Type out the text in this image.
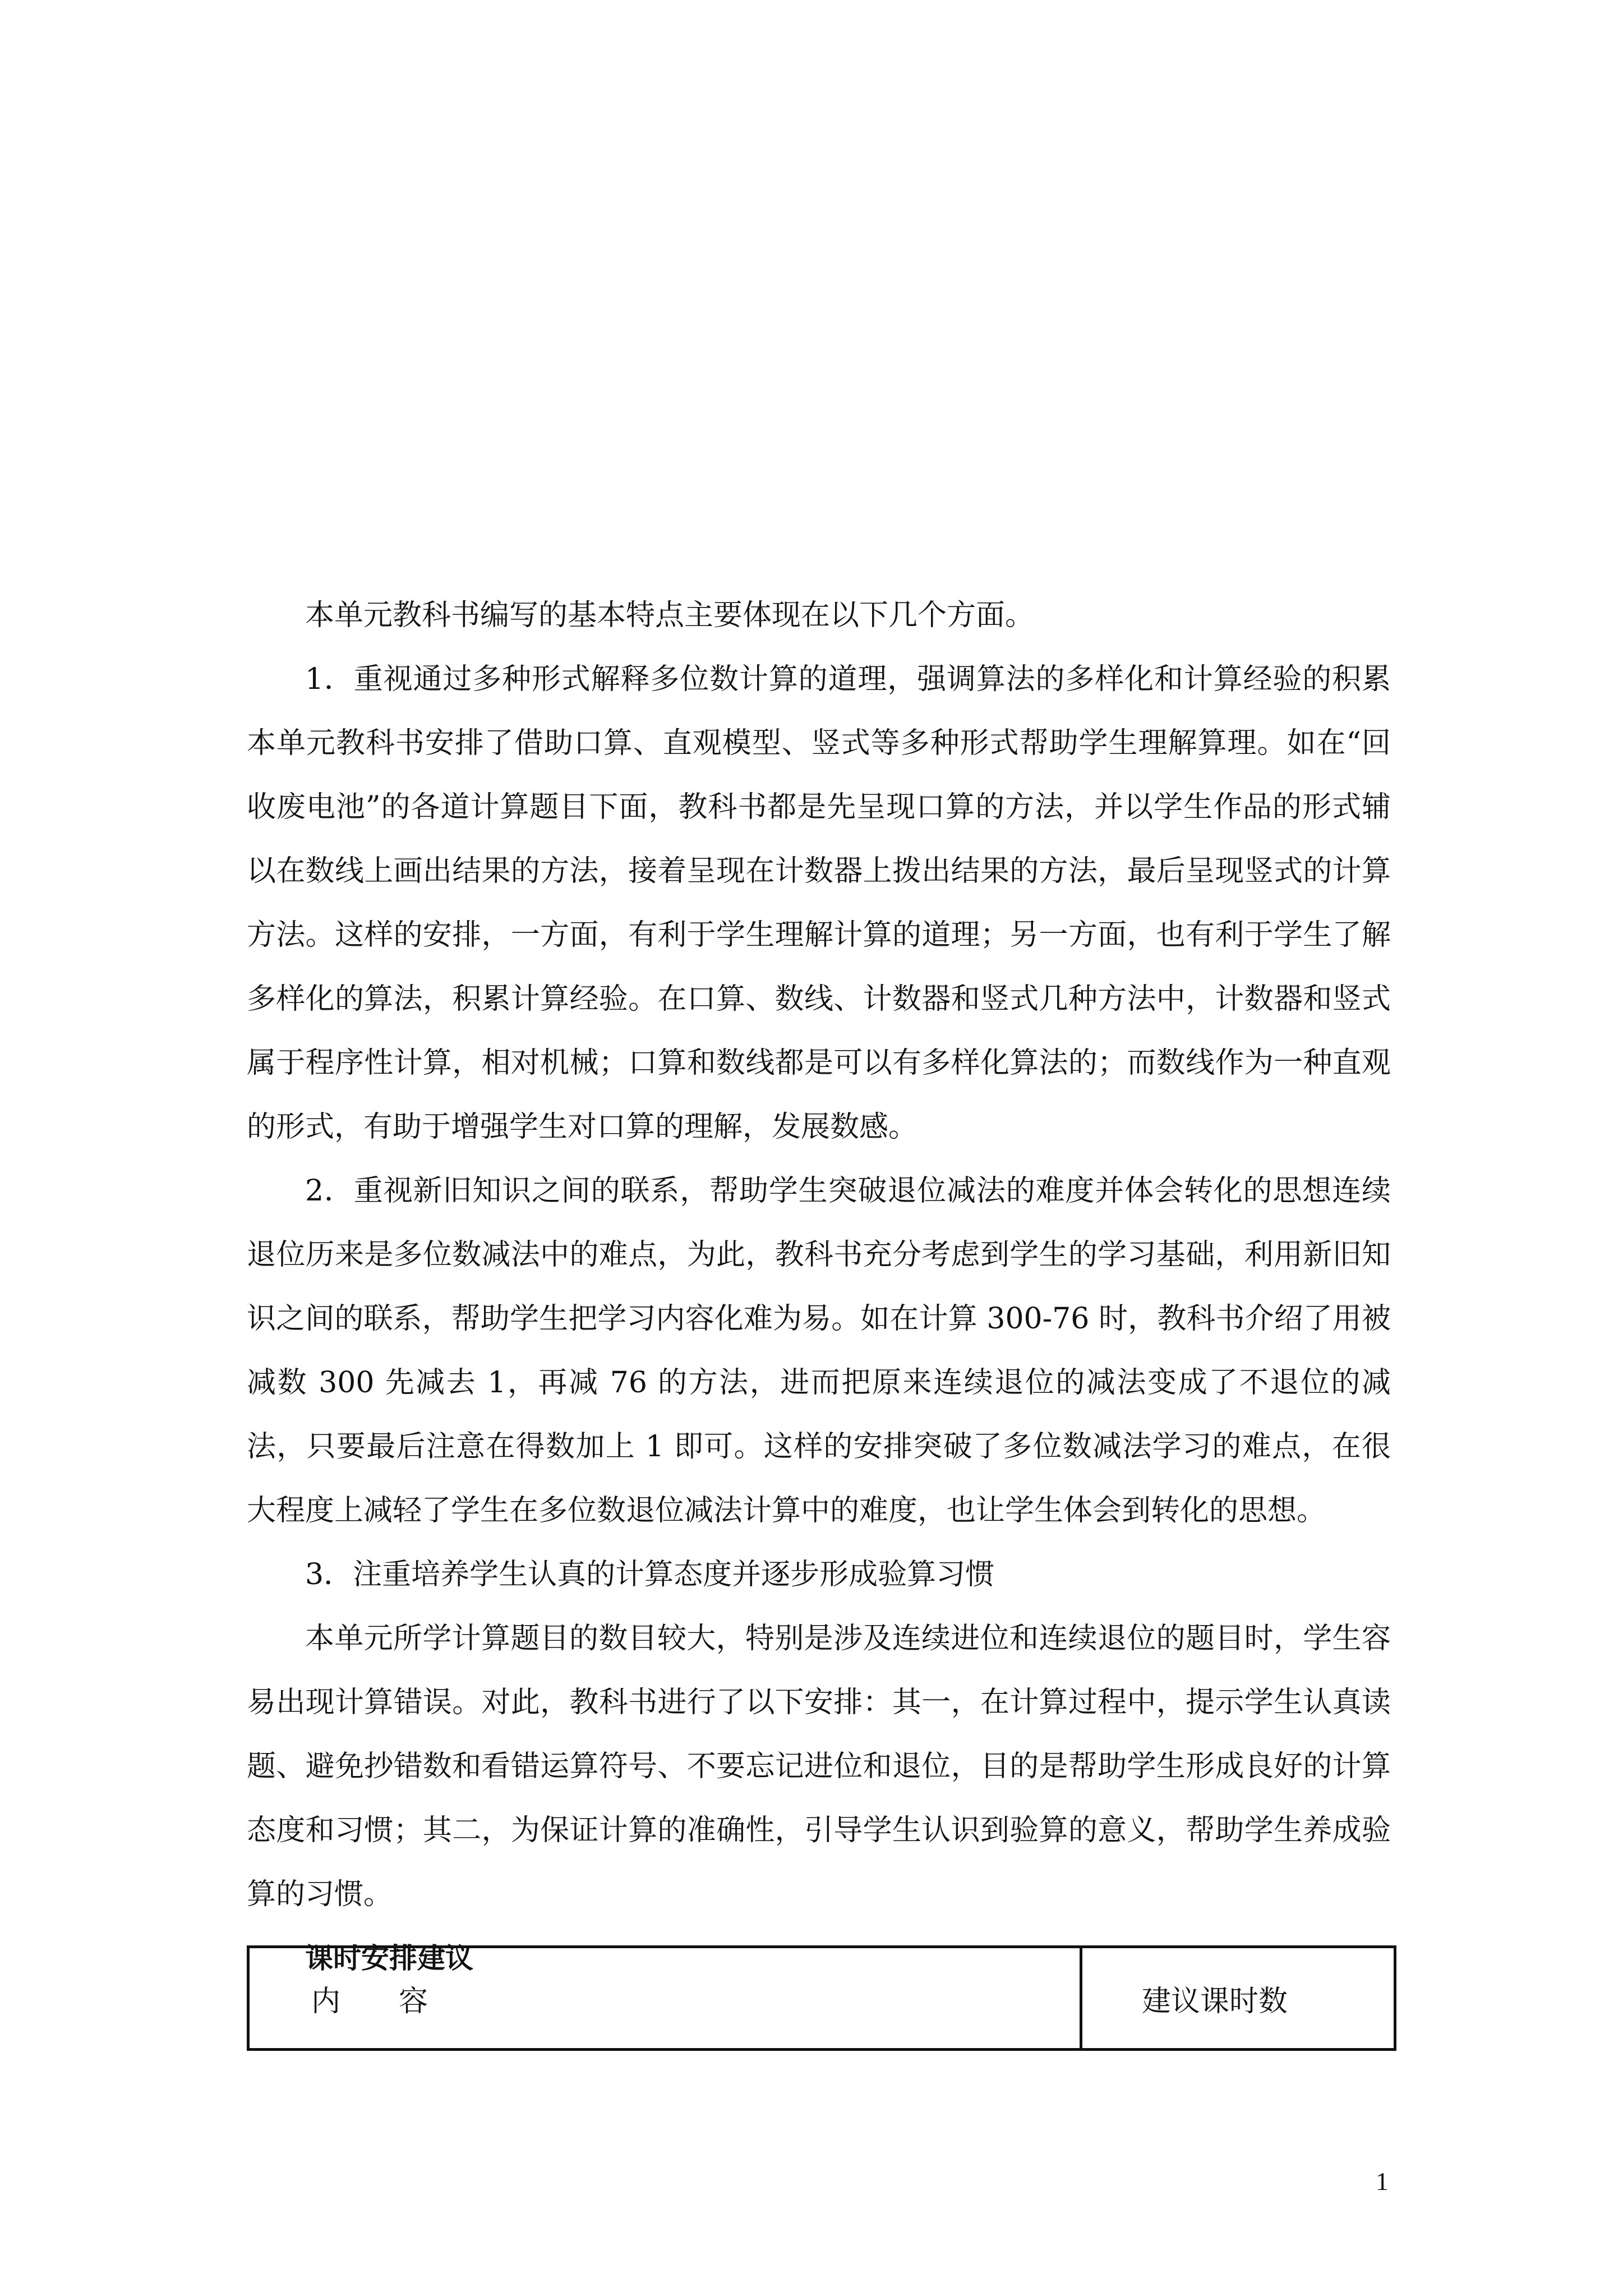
本单元教科书编写的基本特点主要体现在以下几个方面。

1．重视通过多种形式解释多位数计算的道理，强调算法的多样化和计算经验的积累本单元教科书安排了借助口算、直观模型、竖式等多种形式帮助学生理解算理。如在“回收废电池”的各道计算题目下面，教科书都是先呈现口算的方法，并以学生作品的形式辅以在数线上画出结果的方法，接着呈现在计数器上拨出结果的方法，最后呈现竖式的计算方法。这样的安排，一方面，有利于学生理解计算的道理；另一方面，也有利于学生了解多样化的算法，积累计算经验。在口算、数线、计数器和竖式几种方法中，计数器和竖式属于程序性计算，相对机械；口算和数线都是可以有多样化算法的；而数线作为一种直观的形式，有助于增强学生对口算的理解，发展数感。

2．重视新旧知识之间的联系，帮助学生突破退位减法的难度并体会转化的思想连续退位历来是多位数减法中的难点，为此，教科书充分考虑到学生的学习基础，利用新旧知识之间的联系，帮助学生把学习内容化难为易。如在计算 300-76 时，教科书介绍了用被减数 300 先减去 1，再减 76 的方法，进而把原来连续退位的减法变成了不退位的减法，只要最后注意在得数加上 1 即可。这样的安排突破了多位数减法学习的难点，在很大程度上减轻了学生在多位数退位减法计算中的难度，也让学生体会到转化的思想。

3．注重培养学生认真的计算态度并逐步形成验算习惯

本单元所学计算题目的数目较大，特别是涉及连续进位和连续退位的题目时，学生容易出现计算错误。对此，教科书进行了以下安排：其一，在计算过程中，提示学生认真读题、避免抄错数和看错运算符号、不要忘记进位和退位，目的是帮助学生形成良好的计算态度和习惯；其二，为保证计算的准确性，引导学生认识到验算的意义，帮助学生养成验算的习惯。

课时安排建议

内 容	建议课时数
1
